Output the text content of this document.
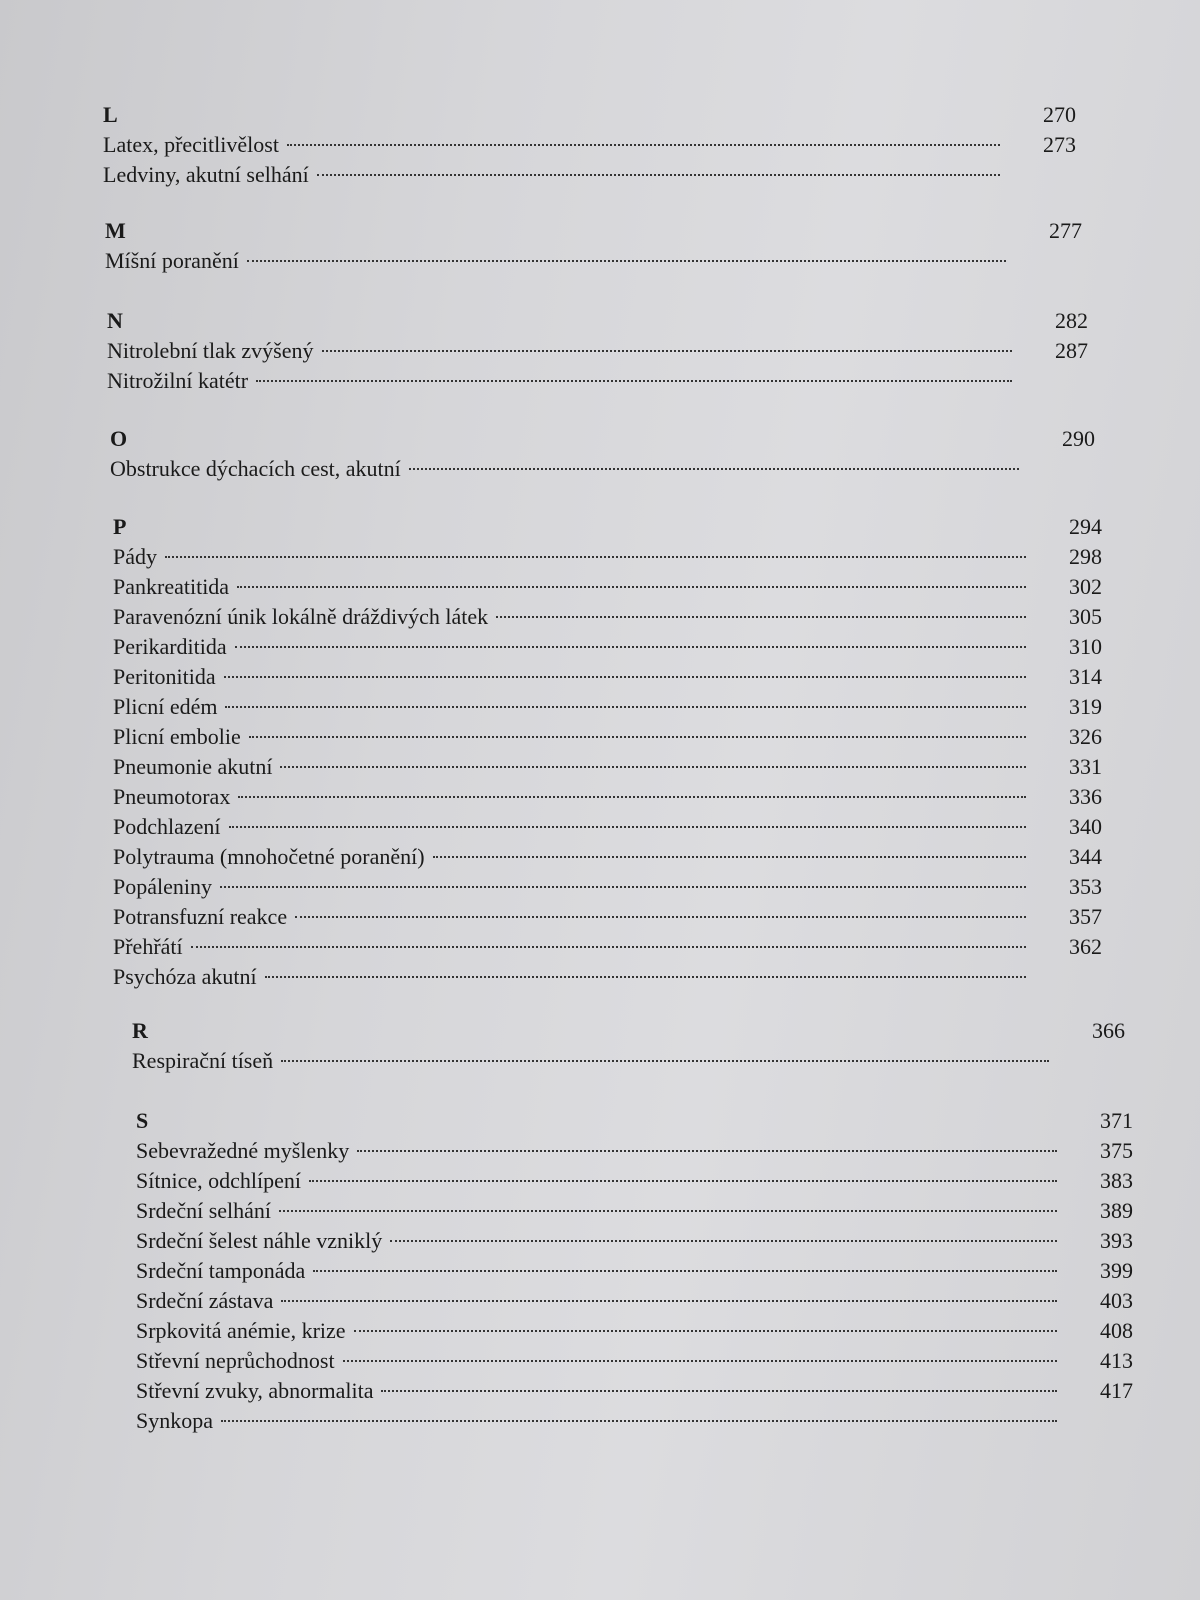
L
Latex, přecitlivělost
Ledviny, akutní selhání
270
273
M
Míšní poranění
277
N
Nitrolební tlak zvýšený
Nitrožilní katétr
282
287
O
Obstrukce dýchacích cest, akutní
290
P
Pády
Pankreatitida
Paravenózní únik lokálně dráždivých látek
Perikarditida
Peritonitida
Plicní edém
Plicní embolie
Pneumonie akutní
Pneumotorax
Podchlazení
Polytrauma (mnohočetné poranění)
Popáleniny
Potransfuzní reakce
Přehřátí
Psychóza akutní
294
298
302
305
310
314
319
326
331
336
340
344
353
357
362
R
Respirační tíseň
366
S
Sebevražedné myšlenky
Sítnice, odchlípení
Srdeční selhání
Srdeční šelest náhle vzniklý
Srdeční tamponáda
Srdeční zástava
Srpkovitá anémie, krize
Střevní neprůchodnost
Střevní zvuky, abnormalita
Synkopa
371
375
383
389
393
399
403
408
413
417
